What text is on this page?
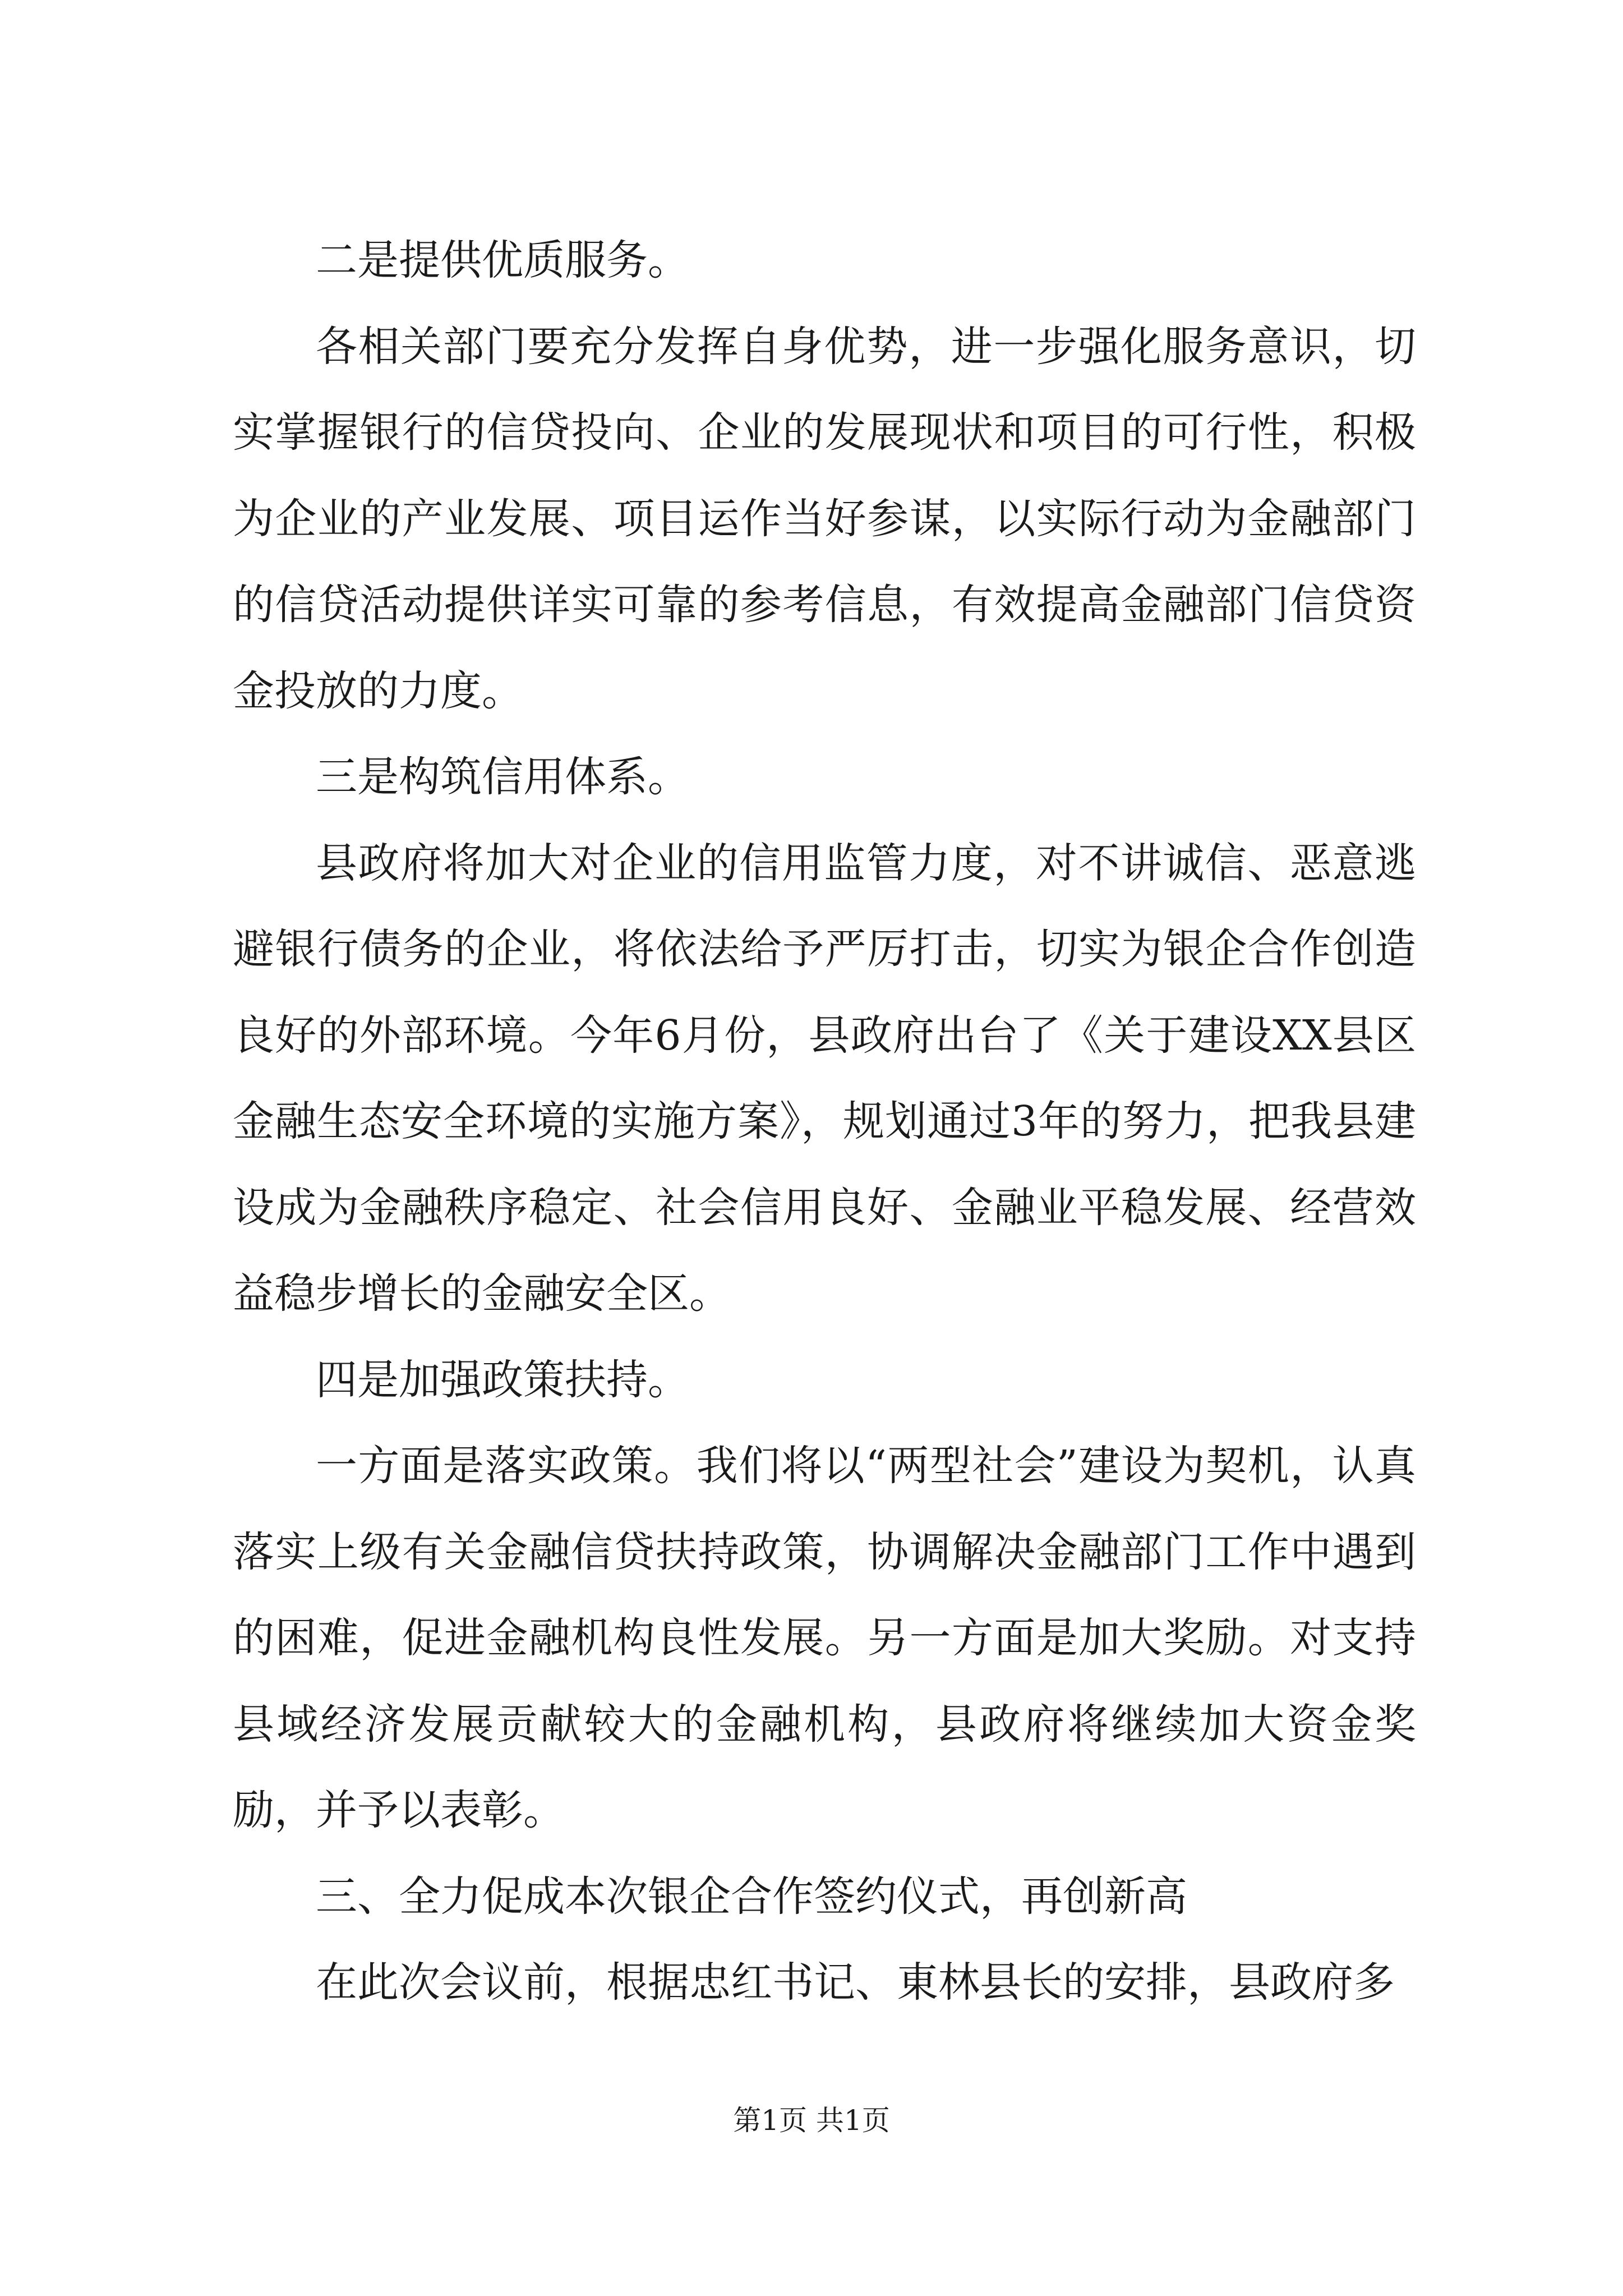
二是提供优质服务。

各相关部门要充分发挥自身优势，进一步强化服务意识，切实掌握银行的信贷投向、企业的发展现状和项目的可行性，积极为企业的产业发展、项目运作当好参谋，以实际行动为金融部门的信贷活动提供详实可靠的参考信息，有效提高金融部门信贷资金投放的力度。

三是构筑信用体系。

县政府将加大对企业的信用监管力度，对不讲诚信、恶意逃避银行债务的企业，将依法给予严厉打击，切实为银企合作创造良好的外部环境。今年6月份，县政府出台了《关于建设XX县区金融生态安全环境的实施方案》，规划通过3年的努力，把我县建设成为金融秩序稳定、社会信用良好、金融业平稳发展、经营效益稳步增长的金融安全区。

四是加强政策扶持。

一方面是落实政策。我们将以“两型社会”建设为契机，认真落实上级有关金融信贷扶持政策，协调解决金融部门工作中遇到的困难，促进金融机构良性发展。另一方面是加大奖励。对支持县域经济发展贡献较大的金融机构，县政府将继续加大资金奖励，并予以表彰。

三、全力促成本次银企合作签约仪式，再创新高

在此次会议前，根据忠红书记、東林县长的安排，县政府多

第1页 共1页
